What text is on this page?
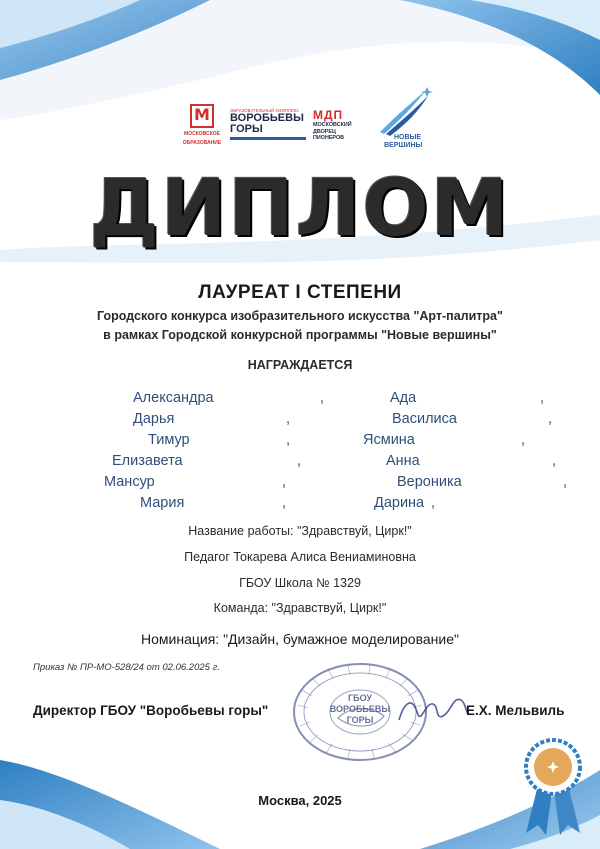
М
МОСКОВСКОЕ
ОБРАЗОВАНИЕ
ОБРАЗОВАТЕЛЬНЫЙ КОМПЛЕКС
ВОРОБЬЕВЫ
ГОРЫ
МДП
МОСКОВСКИЙ
ДВОРЕЦ
ПИОНЕРОВ	НОВЫЕ
ВЕРШИНЫ
ДИПЛОМ
ЛАУРЕАТ I СТЕПЕНИ
Городского конкурса изобразительного искусства "Арт-палитра"
в рамках Городской конкурсной программы "Новые вершины"
НАГРАЖДАЕТСЯ
Александра	,	Ада	,
Дарья	,	Василиса	,
Тимур	,	Ясмина	,
Елизавета	,	Анна	,
Мансур	,	Вероника	,
Мария	,	Дарина ,
Название работы: "Здравствуй, Цирк!"
Педагог Токарева Алиса Вениаминовна
ГБОУ Школа № 1329
Команда: "Здравствуй, Цирк!"
Номинация: "Дизайн, бумажное моделирование"
Приказ № ПР-МО-528/24 от 02.06.2025 г.
ГБОУ
ВОРОБЬЕВЫ
ГОРЫ
Директор ГБОУ "Воробьевы горы"	Е.Х. Мельвиль
Москва, 2025
